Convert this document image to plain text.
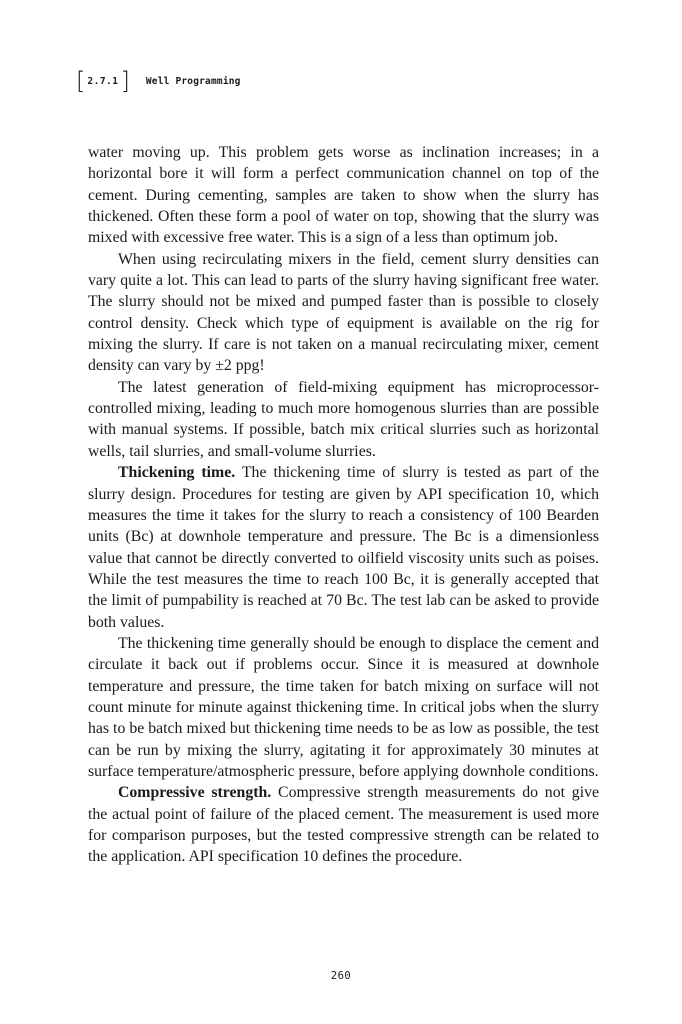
[ 2.7.1 ] Well Programming

water moving up. This problem gets worse as inclination increases; in a horizontal bore it will form a perfect communication channel on top of the cement. During cementing, samples are taken to show when the slurry has thickened. Often these form a pool of water on top, showing that the slurry was mixed with excessive free water. This is a sign of a less than optimum job.

When using recirculating mixers in the field, cement slurry densities can vary quite a lot. This can lead to parts of the slurry having significant free water. The slurry should not be mixed and pumped faster than is possible to closely control density. Check which type of equipment is available on the rig for mixing the slurry. If care is not taken on a manual recirculating mixer, cement density can vary by ±2 ppg!

The latest generation of field-mixing equipment has microprocessor-controlled mixing, leading to much more homogenous slurries than are possible with manual systems. If possible, batch mix critical slurries such as horizontal wells, tail slurries, and small-volume slurries.

Thickening time. The thickening time of slurry is tested as part of the slurry design. Procedures for testing are given by API specification 10, which measures the time it takes for the slurry to reach a consistency of 100 Bearden units (Bc) at downhole temperature and pressure. The Bc is a dimensionless value that cannot be directly converted to oilfield viscosity units such as poises. While the test measures the time to reach 100 Bc, it is generally accepted that the limit of pumpability is reached at 70 Bc. The test lab can be asked to provide both values.

The thickening time generally should be enough to displace the cement and circulate it back out if problems occur. Since it is measured at downhole temperature and pressure, the time taken for batch mixing on surface will not count minute for minute against thickening time. In critical jobs when the slurry has to be batch mixed but thickening time needs to be as low as possible, the test can be run by mixing the slurry, agitating it for approximately 30 minutes at surface temperature/atmospheric pressure, before applying downhole conditions.

Compressive strength. Compressive strength measurements do not give the actual point of failure of the placed cement. The measurement is used more for comparison purposes, but the tested compressive strength can be related to the application. API specification 10 defines the procedure.

260
